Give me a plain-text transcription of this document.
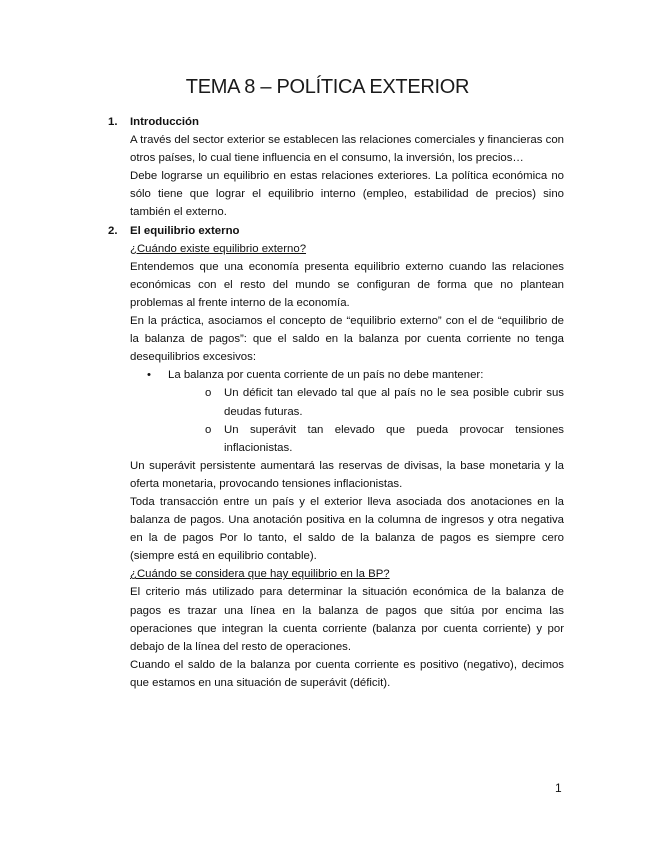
TEMA 8 – POLÍTICA EXTERIOR
1.	Introducción

A través del sector exterior se establecen las relaciones comerciales y financieras con otros países, lo cual tiene influencia en el consumo, la inversión, los precios…

Debe lograrse un equilibrio en estas relaciones exteriores. La política económica no sólo tiene que lograr el equilibrio interno (empleo, estabilidad de precios) sino también el externo.

2.	El equilibrio externo

¿Cuándo existe equilibrio externo?

Entendemos que una economía presenta equilibrio externo cuando las relaciones económicas con el resto del mundo se configuran de forma que no plantean problemas al frente interno de la economía.

En la práctica, asociamos el concepto de “equilibrio externo” con el de “equilibrio de la balanza de pagos”: que el saldo en la balanza por cuenta corriente no tenga desequilibrios excesivos:

• La balanza por cuenta corriente de un país no debe mantener:
o Un déficit tan elevado tal que al país no le sea posible cubrir sus deudas futuras.
o Un superávit tan elevado que pueda provocar tensiones inflacionistas.

Un superávit persistente aumentará las reservas de divisas, la base monetaria y la oferta monetaria, provocando tensiones inflacionistas.

Toda transacción entre un país y el exterior lleva asociada dos anotaciones en la balanza de pagos. Una anotación positiva en la columna de ingresos y otra negativa en la de pagos Por lo tanto, el saldo de la balanza de pagos es siempre cero (siempre está en equilibrio contable).

¿Cuándo se considera que hay equilibrio en la BP?

El criterio más utilizado para determinar la situación económica de la balanza de pagos es trazar una línea en la balanza de pagos que sitúa por encima las operaciones que integran la cuenta corriente (balanza por cuenta corriente) y por debajo de la línea del resto de operaciones.

Cuando el saldo de la balanza por cuenta corriente es positivo (negativo), decimos que estamos en una situación de superávit (déficit).

1
